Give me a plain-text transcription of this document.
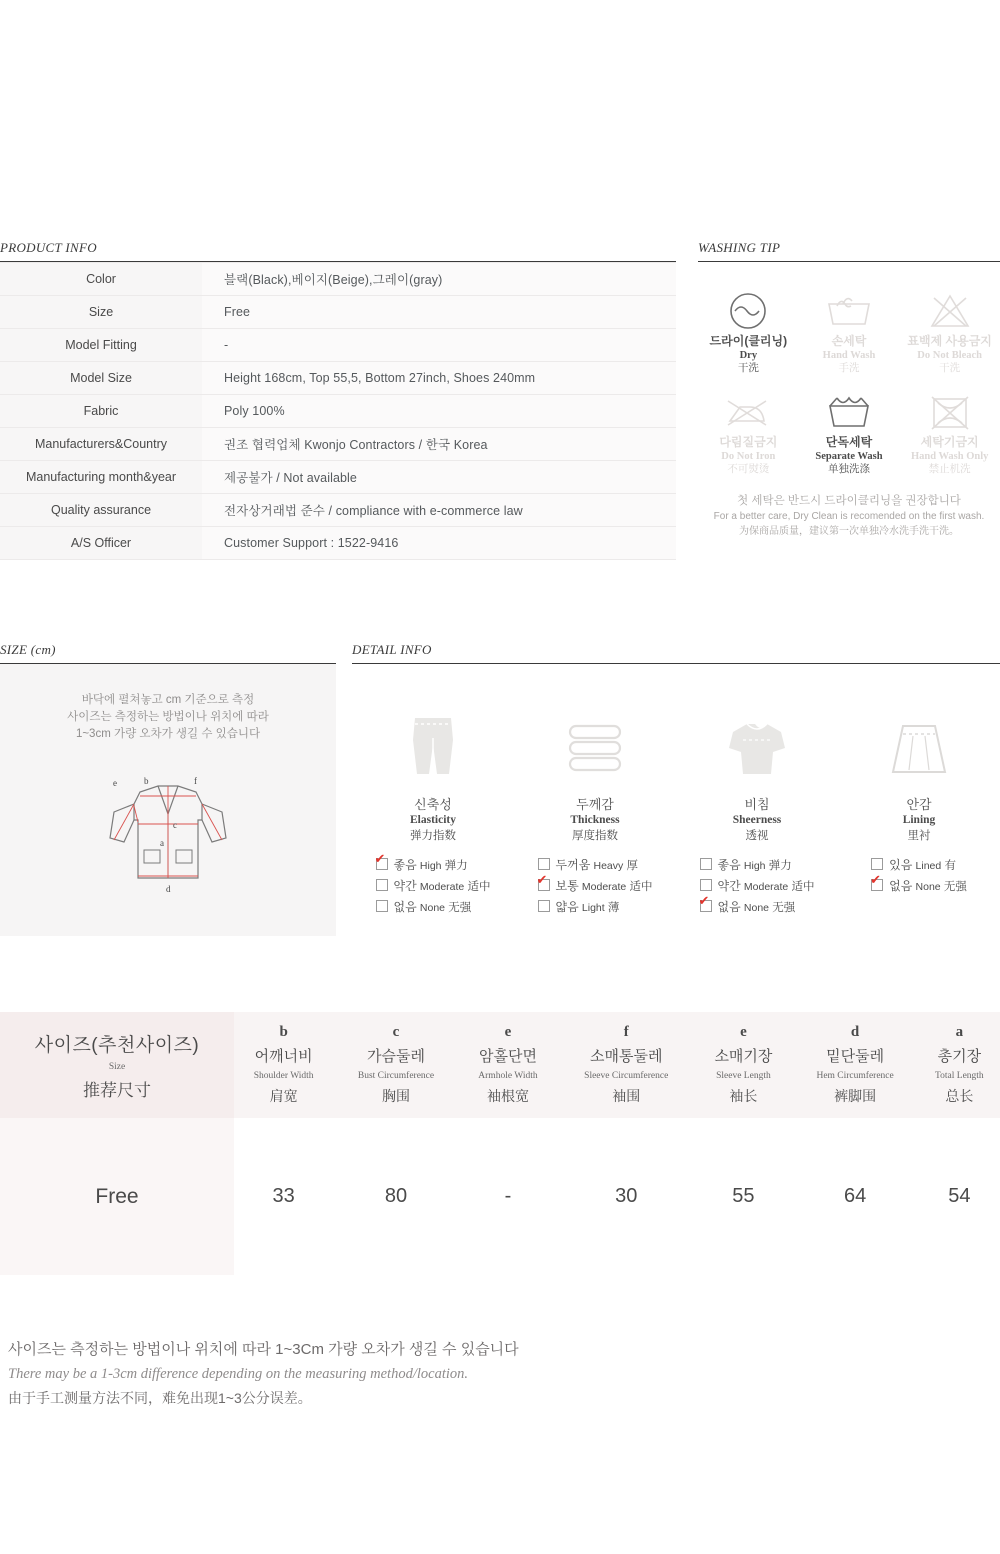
PRODUCT INFO
Color	블랙(Black),베이지(Beige),그레이(gray)
Size	Free
Model Fitting	-
Model Size	Height 168cm, Top 55,5, Bottom 27inch, Shoes 240mm
Fabric	Poly 100%
Manufacturers&Country	권조 협력업체 Kwonjo Contractors / 한국 Korea
Manufacturing month&year	제공불가 / Not available
Quality assurance	전자상거래법 준수 / compliance with e-commerce law
A/S Officer	Customer Support : 1522-9416
WASHING TIP
드라이(클리닝)
Dry
干洗
손세탁
Hand Wash
手洗
표백제 사용금지
Do Not Bleach
干洗
다림질금지
Do Not Iron
不可熨烫
단독세탁
Separate Wash
单独洗涤
세탁기금지
Hand Wash Only
禁止机洗
첫 세탁은 반드시 드라이클리닝을 권장합니다
For a better care, Dry Clean is recomended on the first wash.
为保商品质量，建议第一次单独冷水洗手洗干洗。
SIZE (cm)
바닥에 펼쳐놓고 cm 기준으로 측정
사이즈는 측정하는 방법이나 위치에 따라
1~3cm 가량 오차가 생길 수 있습니다
e	b	f
c
a
d
DETAIL INFO
신축성
Elasticity
弹力指数
✔좋음 High 弹力
약간 Moderate 适中
없음 None 无强
두께감
Thickness
厚度指数
두꺼움 Heavy 厚
✔보통 Moderate 适中
얇음 Light 薄
비침
Sheerness
透视
좋음 High 弹力
약간 Moderate 适中
✔없음 None 无强
안감
Lining
里衬
있음 Lined 有
✔없음 None 无强
사이즈(추천사이즈)
Size
推荐尺寸

b
어깨너비
Shoulder Width
肩宽

c
가슴둘레
Bust Circumference
胸围

e
암홀단면
Armhole Width
袖根宽

f
소매통둘레
Sleeve Circumference
袖围

e
소매기장
Sleeve Length
袖长

d
밑단둘레
Hem Circumference
裤脚围

a
총기장
Total Length
总长

Free	33	80	-	30	55	64	54
사이즈는 측정하는 방법이나 위치에 따라 1~3Cm 가량 오차가 생길 수 있습니다
There may be a 1-3cm difference depending on the measuring method/location.
由于手工测量方法不同，难免出现1~3公分误差。
